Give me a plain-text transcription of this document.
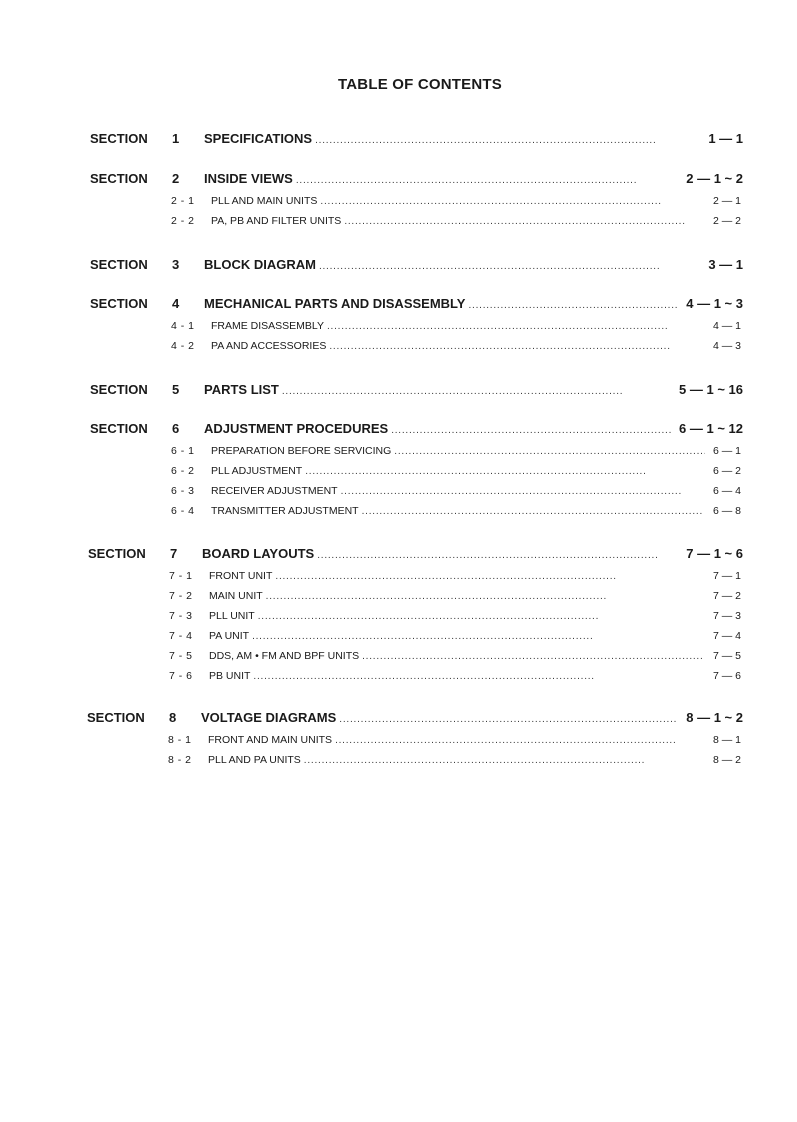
TABLE OF CONTENTS
SECTION 1 SPECIFICATIONS . . .	1 — 1
SECTION 2 INSIDE VIEWS . . .	2 — 1 ~ 2
2 - 1 PLL AND MAIN UNITS . . .	2 — 1
2 - 2 PA, PB AND FILTER UNITS . . .	2 — 2
SECTION 3 BLOCK DIAGRAM . . .	3 — 1
SECTION 4 MECHANICAL PARTS AND DISASSEMBLY . . .	4 — 1 ~ 3
4 - 1 FRAME DISASSEMBLY . . .	4 — 1
4 - 2 PA AND ACCESSORIES . . .	4 — 3
SECTION 5 PARTS LIST . . .	5 — 1 ~ 16
SECTION 6 ADJUSTMENT PROCEDURES . . .	6 — 1 ~ 12
6 - 1 PREPARATION BEFORE SERVICING . . .	6 — 1
6 - 2 PLL ADJUSTMENT . . .	6 — 2
6 - 3 RECEIVER ADJUSTMENT . . .	6 — 4
6 - 4 TRANSMITTER ADJUSTMENT . . .	6 — 8
SECTION 7 BOARD LAYOUTS . . .	7 — 1 ~ 6
7 - 1 FRONT UNIT . . .	7 — 1
7 - 2 MAIN UNIT . . .	7 — 2
7 - 3 PLL UNIT . . .	7 — 3
7 - 4 PA UNIT . . .	7 — 4
7 - 5 DDS, AM • FM AND BPF UNITS . . .	7 — 5
7 - 6 PB UNIT . . .	7 — 6
SECTION 8 VOLTAGE DIAGRAMS . . .	8 — 1 ~ 2
8 - 1 FRONT AND MAIN UNITS . . .	8 — 1
8 - 2 PLL AND PA UNITS . . .	8 — 2
